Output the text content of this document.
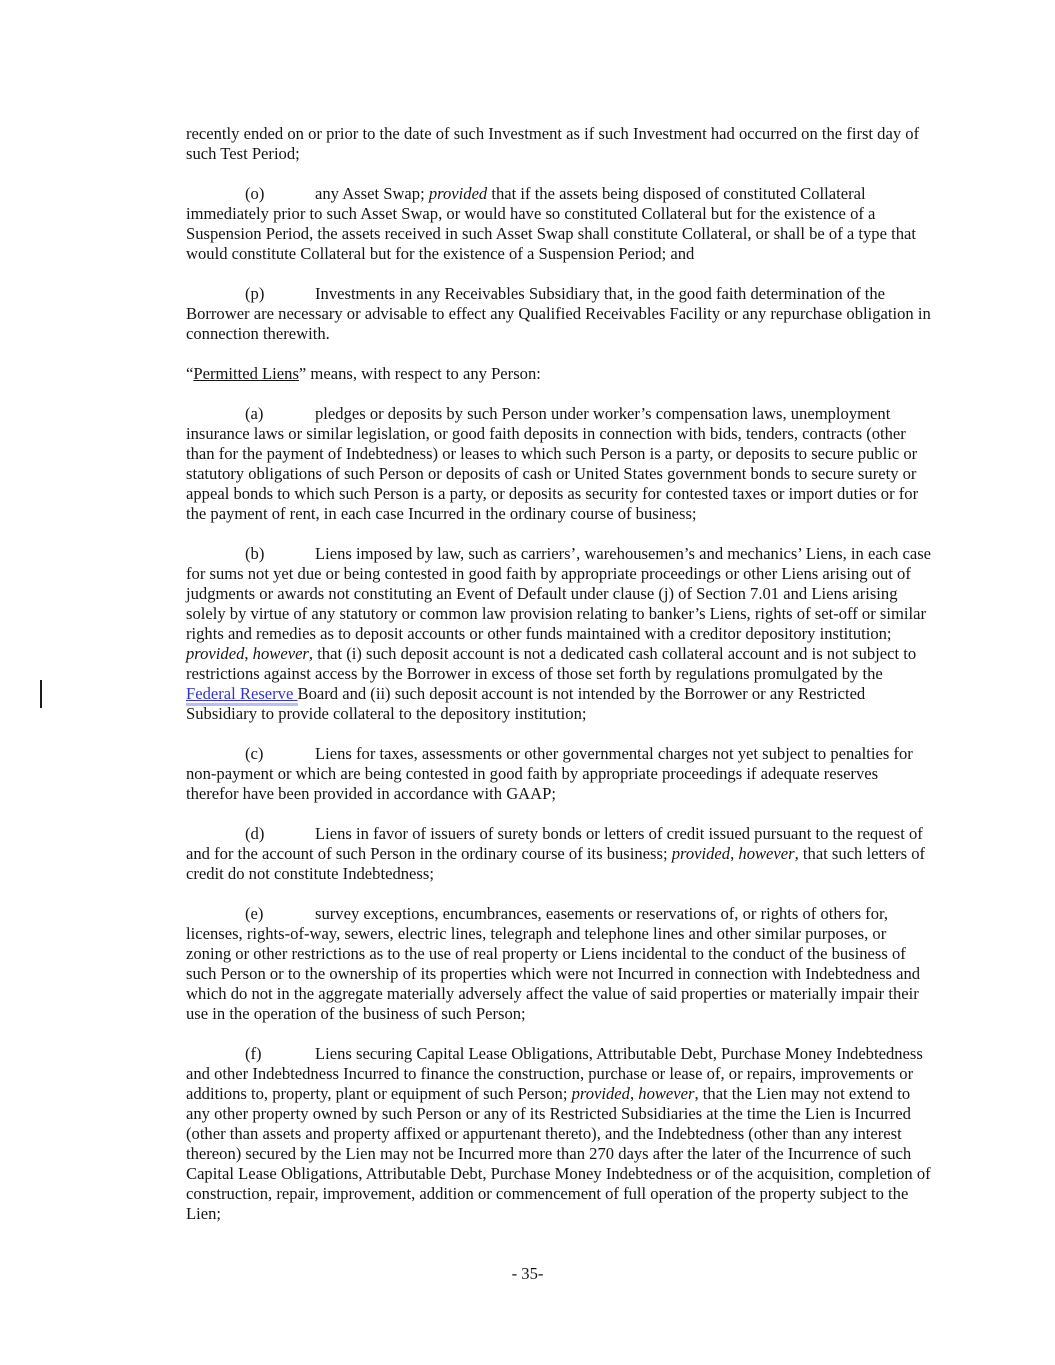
recently ended on or prior to the date of such Investment as if such Investment had occurred on the first day of such Test Period;

(o)	any Asset Swap; provided that if the assets being disposed of constituted Collateral immediately prior to such Asset Swap, or would have so constituted Collateral but for the existence of a Suspension Period, the assets received in such Asset Swap shall constitute Collateral, or shall be of a type that would constitute Collateral but for the existence of a Suspension Period; and

(p)	Investments in any Receivables Subsidiary that, in the good faith determination of the Borrower are necessary or advisable to effect any Qualified Receivables Facility or any repurchase obligation in connection therewith.

“Permitted Liens” means, with respect to any Person:

(a)	pledges or deposits by such Person under worker’s compensation laws, unemployment insurance laws or similar legislation, or good faith deposits in connection with bids, tenders, contracts (other than for the payment of Indebtedness) or leases to which such Person is a party, or deposits to secure public or statutory obligations of such Person or deposits of cash or United States government bonds to secure surety or appeal bonds to which such Person is a party, or deposits as security for contested taxes or import duties or for the payment of rent, in each case Incurred in the ordinary course of business;

(b)	Liens imposed by law, such as carriers’, warehousemen’s and mechanics’ Liens, in each case for sums not yet due or being contested in good faith by appropriate proceedings or other Liens arising out of judgments or awards not constituting an Event of Default under clause (j) of Section 7.01 and Liens arising solely by virtue of any statutory or common law provision relating to banker’s Liens, rights of set-off or similar rights and remedies as to deposit accounts or other funds maintained with a creditor depository institution; provided, however, that (i) such deposit account is not a dedicated cash collateral account and is not subject to restrictions against access by the Borrower in excess of those set forth by regulations promulgated by the Federal Reserve Board and (ii) such deposit account is not intended by the Borrower or any Restricted Subsidiary to provide collateral to the depository institution;

(c)	Liens for taxes, assessments or other governmental charges not yet subject to penalties for non-payment or which are being contested in good faith by appropriate proceedings if adequate reserves therefor have been provided in accordance with GAAP;

(d)	Liens in favor of issuers of surety bonds or letters of credit issued pursuant to the request of and for the account of such Person in the ordinary course of its business; provided, however, that such letters of credit do not constitute Indebtedness;

(e)	survey exceptions, encumbrances, easements or reservations of, or rights of others for, licenses, rights-of-way, sewers, electric lines, telegraph and telephone lines and other similar purposes, or zoning or other restrictions as to the use of real property or Liens incidental to the conduct of the business of such Person or to the ownership of its properties which were not Incurred in connection with Indebtedness and which do not in the aggregate materially adversely affect the value of said properties or materially impair their use in the operation of the business of such Person;

(f)	Liens securing Capital Lease Obligations, Attributable Debt, Purchase Money Indebtedness and other Indebtedness Incurred to finance the construction, purchase or lease of, or repairs, improvements or additions to, property, plant or equipment of such Person; provided, however, that the Lien may not extend to any other property owned by such Person or any of its Restricted Subsidiaries at the time the Lien is Incurred (other than assets and property affixed or appurtenant thereto), and the Indebtedness (other than any interest thereon) secured by the Lien may not be Incurred more than 270 days after the later of the Incurrence of such Capital Lease Obligations, Attributable Debt, Purchase Money Indebtedness or of the acquisition, completion of construction, repair, improvement, addition or commencement of full operation of the property subject to the Lien;

- 35-
